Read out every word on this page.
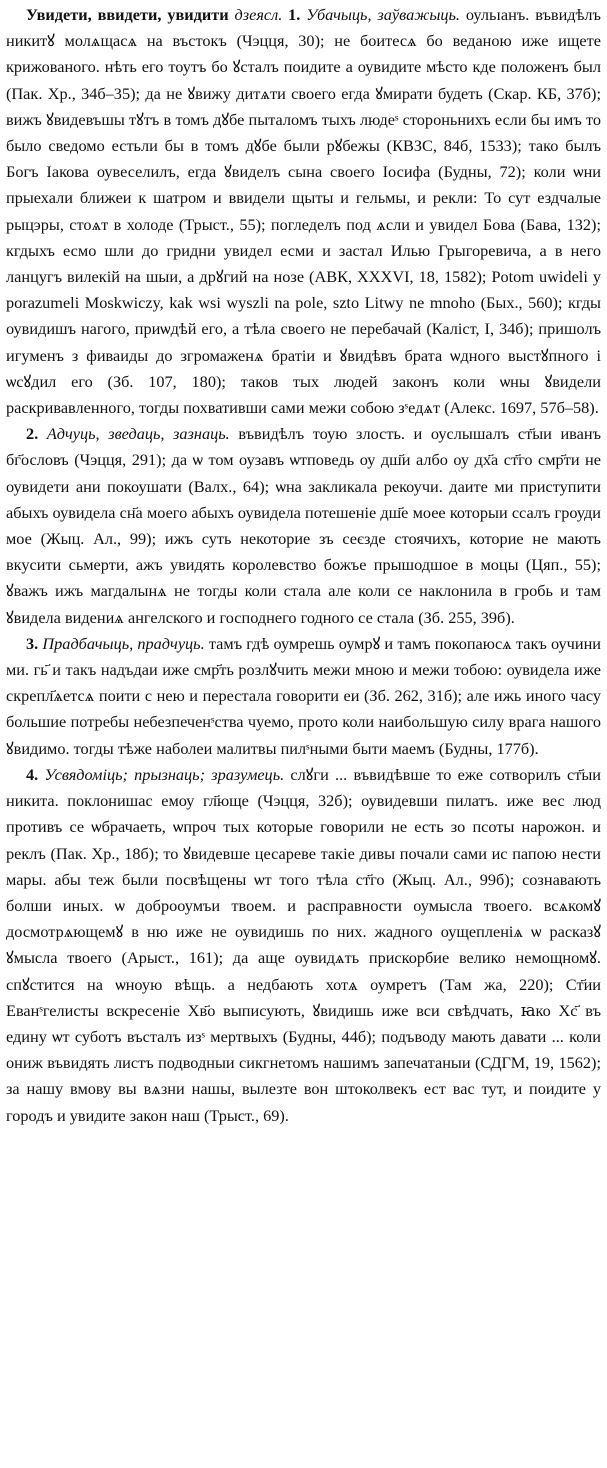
Увидети, ввидети, увидити дзеясл. 1. Убачыць, заўважыць. оульɪанъ. въвидѣлъ никитꙋ молѧщасѧ на въстокъ (Чэцця, 30); не боитесѧ бо веданою иже ищете крижованого. нѣть его тоутъ бо ꙋсталъ поидите а оувидите мѣсто кде положенъ был (Пак. Хр., 34б–35); да не ꙋвижу дитѧти своего егда ꙋмирати будеть (Скар. КБ, 37б); вижъ ꙋвидевъшы тꙋтъ в томъ дꙋбе пыталомъ тыхъ людеˢ стороньнихъ если бы имъ то было сведомо естьли бы в томъ дꙋбе были рꙋбежы (КВЗС, 84б, 1533); тако былъ Богъ Іакова оувеселилъ, егда ꙋвиделъ сына своего Іосифа (Будны, 72); коли ѡни прыехали ближеи к шатром и ввидели щыты и гельмы, и рекли: То сут ездчалые рыцэры, стоѧт в холоде (Трыст., 55); погледелъ под ѧсли и увидел Бова (Бава, 132); кгдыхъ есмо шли до гридни увидел есми и застал Илью Грыгоревича, а в него ланцугъ вилекій на шыи, а дрꙋгий на нозе (АВК, XXXVI, 18, 1582); Potom uwideli y porazumeli Moskwiczy, kak wsi wyszli na pole, szto Litwy ne mnoho (Бых., 560); кгды оувидишъ нагого, приѡдѣй его, а тѣла своего не перебачай (Каліст, I, 34б); пришолъ игуменъ з фиваиды до згромаженѧ братіи и ꙋвидѣвъ брата ѡдного выстꙋпного і ѡсꙋдил его (Зб. 107, 180); таков тых людей законъ коли ѡны ꙋвидели раскривавленного, тогды похвативши сами межи собою зˢедѧт (Алекс. 1697, 57б–58).

2. Адчуць, зведаць, зазнаць. въвидѣлъ тоую злость. и оуслышалъ ст҃ыи иванъ бг҃ословъ (Чэцця, 291); да ѡ том оузавъ ѡтповедь оу дш҃и албо оу дх҃а ст҃го смр҃ти не оувидети ани покоушати (Валх., 64); ѡна закликала рекоучи. даите ми приступити абыхъ оувидела сн҃а моего абыхъ оувидела потешеніе дш҃е моее которыи ссалъ гроуди мое (Жыц. Ал., 99); ижъ суть некоторие зъ сеєзде стоячихъ, которие не мають вкусити сьмерти, ажъ увидять королевство божъе прышодшое в моцы (Цяп., 55); ꙋважъ ижъ магдалынѧ не тогды коли стала але коли се наклонила в гробь и там ꙋвидела видениѧ ангелского и господнего годного се стала (Зб. 255, 39б).

3. Прадбачыць, прадчуць. тамъ гдѣ оумрешь оумрꙋ и тамъ покопаюсѧ такъ оучини ми. гь҃ и такъ надъдаи иже смр҃ть розлꙋчить межи мною и межи тобою: оувидела иже скрепл҃ѧетсѧ поити с нею и перестала говорити еи (Зб. 262, 31б); але ижь иного часу большие потребы небезпеченˢства чуемо, прото коли наибольшую силу врага нашого ꙋвидимо. тогды тѣже наболеи малитвы пилˢными быти маемъ (Будны, 177б).

4. Усвядоміць; прызнаць; зразумець. слꙋги ... въвидѣвше то еже сотворилъ ст҃ыи никита. поклонишас емоу гл҃юще (Чэцця, 32б); оувидевши пилатъ. иже вес люд противъ се ѡбрачаеть, ѡпроч тых которые говорили не есть зо псоты нарожон. и реклъ (Пак. Хр., 18б); то ꙋвидевше цесареве такіе дивы почали сами ис папою нести мары. абы теж были посвѣщены ѡт того тѣла ст҃го (Жыц. Ал., 99б); сознавають болши иных. ѡ доброоумъи твоем. и расправности оумысла твоего. всѧкомꙋ досмотрѧющемꙋ в ню иже не оувидишь по них. жадного оущепленіѧ ѡ расказꙋ ꙋмысла твоего (Арыст., 161); да аще оувидѧть прискорбие велико немощномꙋ. спꙋстится на ѡноую вѣщь. а недбають хотѧ оумретъ (Там жа, 220); Ст҃ии Еванˢгелисты вскресеніе Хв҃о выписують, ꙋвидишь иже вси свѣдчать, ꙗко Хс҃ въ едину ѡт суботъ въсталъ изˢ мертвыхъ (Будны, 44б); подъводу мають давати ... коли ониж въвидять листъ подводныи сикгнетомъ нашимъ запечатаныи (СДГМ, 19, 1562); за нашу вмову вы вѧзни нашы, вылезте вон штоколвекъ ест вас тут, и поидите у городъ и увидите закон наш (Трыст., 69).
